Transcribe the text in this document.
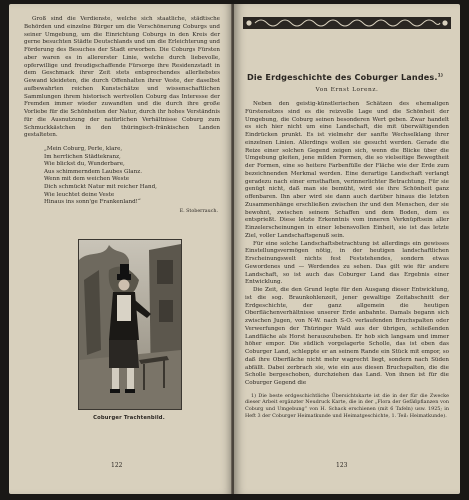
Groß sind die Verdienste, welche sich staatliche, städtische Behörden und einzelne Bürger um die Verschönerung Coburgs und seiner Umgebung, um die Einrichtung Coburgs in den Kreis der gerne besuchten Städte Deutschlands und um die Erleichterung und Förderung des Besuches der Stadt erworben. Die Coburgs Fürsten aber waren es in allererster Linie, welche durch liebevolle, opferwillige und freudigschaffende Fürsorge ihre Residenzstadt in dem Geschmack ihrer Zeit stets entsprechendes allerliebstes Gewand kleideten, die durch Offenhalten ihrer Veste, der daselbst aufbewahrten reichen Kunstschätze und wissenschaftlichen Sammlungen ihrem historisch wertvollen Coburg das Interesse der Fremden immer wieder zuwandten und die durch ihre große Vorliebe für die Schönheiten der Natur, durch ihr hohes Verständnis für die Ausnutzung der natürlichen Verhältnisse Coburg zum Schmuckkästchen in den thüringisch-fränkischen Landen gestalteten.

„Mein Coburg, Perle, klare,
Im herrlichen Städtekranz,
Wie blickst du, Wunderbare,
Aus schimmerndem Laubes Glanz.
Wenn mit dem weichen Weste
Dich schmückt Natur mit reicher Hand,
Wie leuchtet deine Veste
Hinaus ins sonn'ge Frankenland!“
E. Stoberrauch.
Coburger Trachtenbild.
122
Die Erdgeschichte des Coburger Landes.$^{1)}$
Von Ernst Lorenz.

Neben den geistig-künstlerischen Schätzen des ehemaligen Fürstensitzes sind es die reizvolle Lage und die Schönheit der Umgebung, die Coburg seinen besonderen Wert geben. Zwar handelt es sich hier nicht um eine Landschaft, die mit überwältigenden Eindrücken prunkt. Es ist vielmehr der sanfte Wechselklang ihrer einzelnen Linien. Allerdings wollen sie gesucht werden. Gerade die Reize einer solchen Gegend zeigen sich, wenn die Blicke über die Umgebung gleiten, jene milden Formen, die so vielseitige Bewegtheit der Formen, eine so heitere Farbenfülle der Fläche wie der Erde zum bezeichnenden Merkmal werden. Eine derartige Landschaft verlangt geradezu nach einer ernsthaften, verinnerlichter Betrachtung. Für sie genügt nicht, daß man sie bemüht, wird sie ihre Schönheit ganz offenbaren. Ihn aber wird sie dann auch darüber hinaus die letzten Zusammenhänge erschließen zwischen ihr und den Menschen, der sie bewohnt, zwischen seinem Schaffen und dem Boden, dem es entsprießt. Diese letzte Erkenntnis vom inneren Verknüpftsein aller Einzelerscheinungen in einer lebensvollen Einheit, sie ist das letzte Ziel, voller Landschaftsgenuß sein.

Für eine solche Landschaftsbetrachtung ist allerdings ein gewisses Einstellungsvermögen nötig, in der heutigen landschaftlichen Erscheinungswelt nichts fest Feststehendes, sondern etwas Gewordenes und — Werdendes zu sehen. Das gilt wie für andere Landschaft, so ist auch das Coburger Land das Ergebnis einer Entwicklung.

Die Zeit, die den Grund legte für den Ausgang dieser Entwicklung, ist die sog. Braunkohlenzeit, jener gewaltige Zeitabschnitt der Erdgeschichte, der ganz allgemein die heutigen Oberflächenverhältnisse unserer Erde anbahnte. Damals begann sich zwischen Jugen, von N-W. nach S-O. verlaufenden Bruchspalten oder Verwerfungen der Thüringer Wald aus der übrigen, schließenden Landfläche als Horst herauszuheben. Er hob sich langsam und immer höher empor. Die südlich vorgelagerte Scholle, das ist eben das Coburger Land, schleppte er an seinem Rande ein Stück mit empor, so daß ihre Oberfläche nicht mehr wagrecht liegt, sondern nach Süden abfällt. Dabei zerbrach sie, wie ein aus diesen Bruchspalten, die die Scholle bergeschoben, durchziehen das Land. Von ihnen ist für die Coburger Gegend die

1) Die beste erdgeschichtliche Übersichtskarte ist die in der für die Zwecke dieser Arbeit ergänzter Neudruck Karte, die in der „Flora der Gefäßpflanzen von Coburg und Umgebung“ von H. Schack erschienen (mit 6 Tafeln) usw. 1925; in Heft 3 der Coburger Heimatkunde und Heimatgeschichte, 1. Teil: Heimatkunde).

123
